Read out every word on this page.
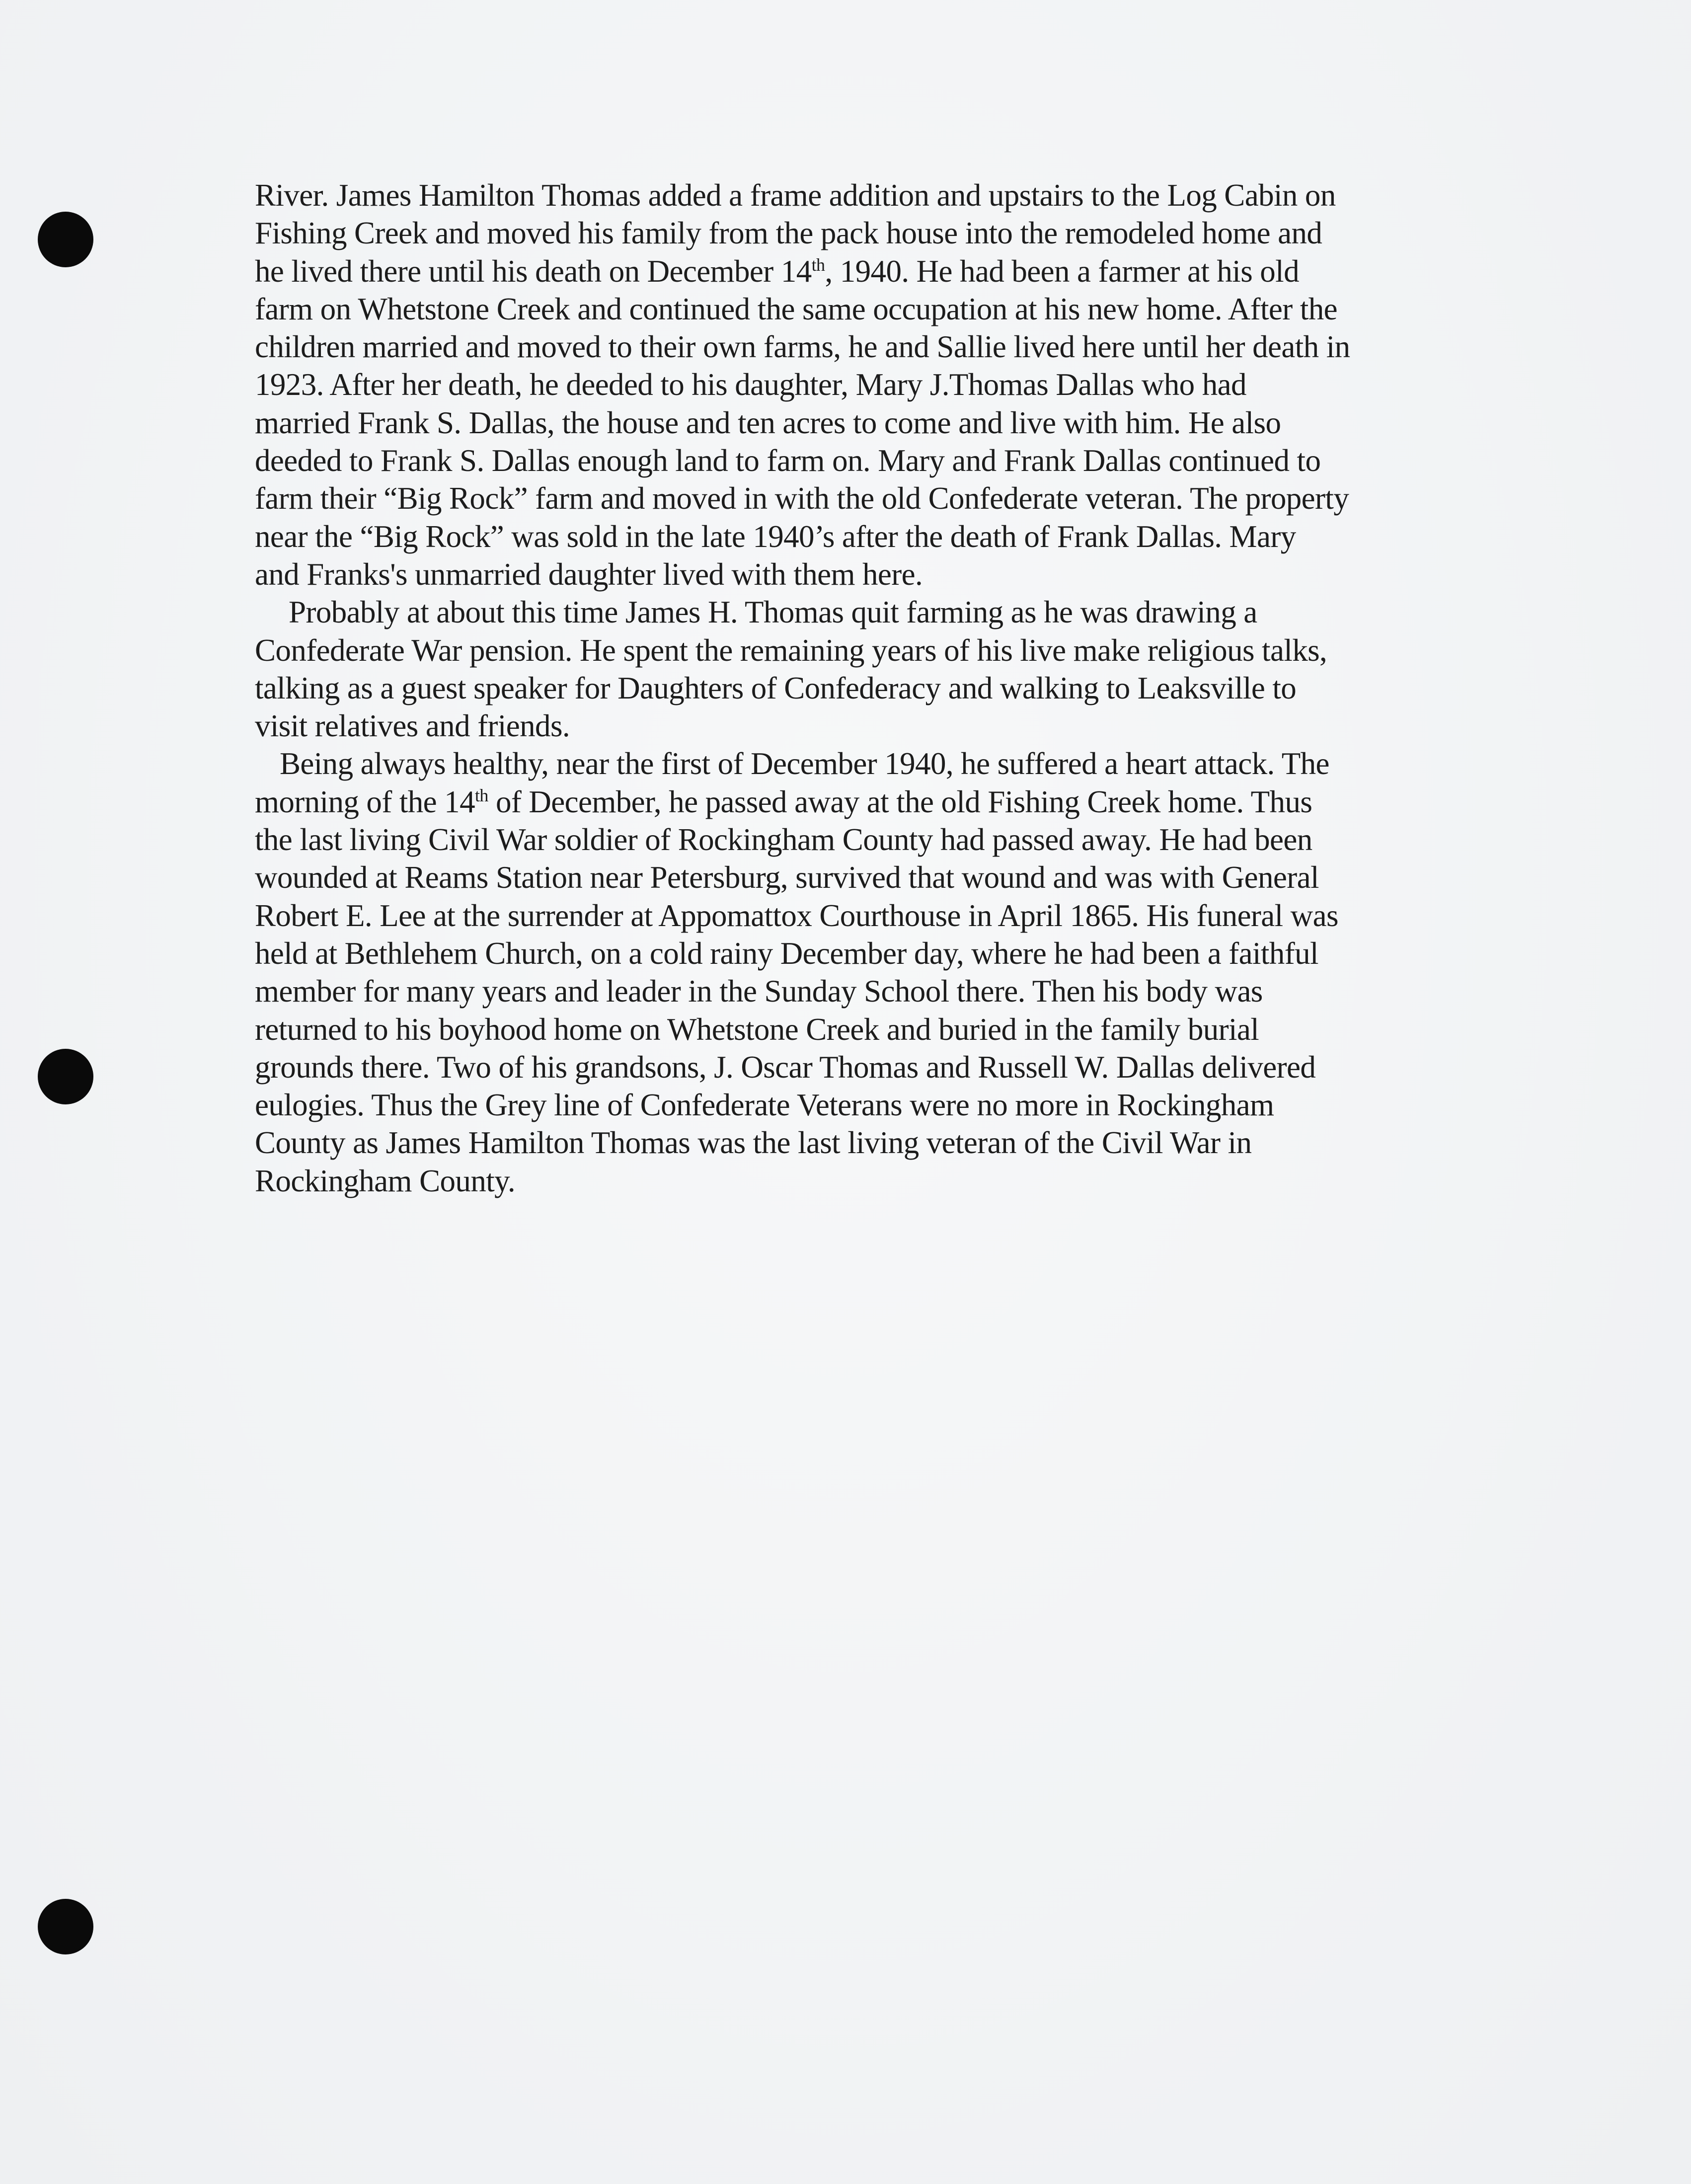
River. James Hamilton Thomas added a frame addition and upstairs to the Log Cabin on
Fishing Creek and moved his family from the pack house into the remodeled home and
he lived there until his death on December 14th, 1940. He had been a farmer at his old
farm on Whetstone Creek and continued the same occupation at his new home. After the
children married and moved to their own farms, he and Sallie lived here until her death in
1923. After her death, he deeded to his daughter, Mary J.Thomas Dallas who had
married Frank S. Dallas, the house and ten acres to come and live with him. He also
deeded to Frank S. Dallas enough land to farm on. Mary and Frank Dallas continued to
farm their “Big Rock” farm and moved in with the old Confederate veteran. The property
near the “Big Rock” was sold in the late 1940’s after the death of Frank Dallas. Mary
and Franks's unmarried daughter lived with them here.
Probably at about this time James H. Thomas quit farming as he was drawing a
Confederate War pension. He spent the remaining years of his live make religious talks,
talking as a guest speaker for Daughters of Confederacy and walking to Leaksville to
visit relatives and friends.
Being always healthy, near the first of December 1940, he suffered a heart attack. The
morning of the 14th of December, he passed away at the old Fishing Creek home. Thus
the last living Civil War soldier of Rockingham County had passed away. He had been
wounded at Reams Station near Petersburg, survived that wound and was with General
Robert E. Lee at the surrender at Appomattox Courthouse in April 1865. His funeral was
held at Bethlehem Church, on a cold rainy December day, where he had been a faithful
member for many years and leader in the Sunday School there. Then his body was
returned to his boyhood home on Whetstone Creek and buried in the family burial
grounds there. Two of his grandsons, J. Oscar Thomas and Russell W. Dallas delivered
eulogies. Thus the Grey line of Confederate Veterans were no more in Rockingham
County as James Hamilton Thomas was the last living veteran of the Civil War in
Rockingham County.
